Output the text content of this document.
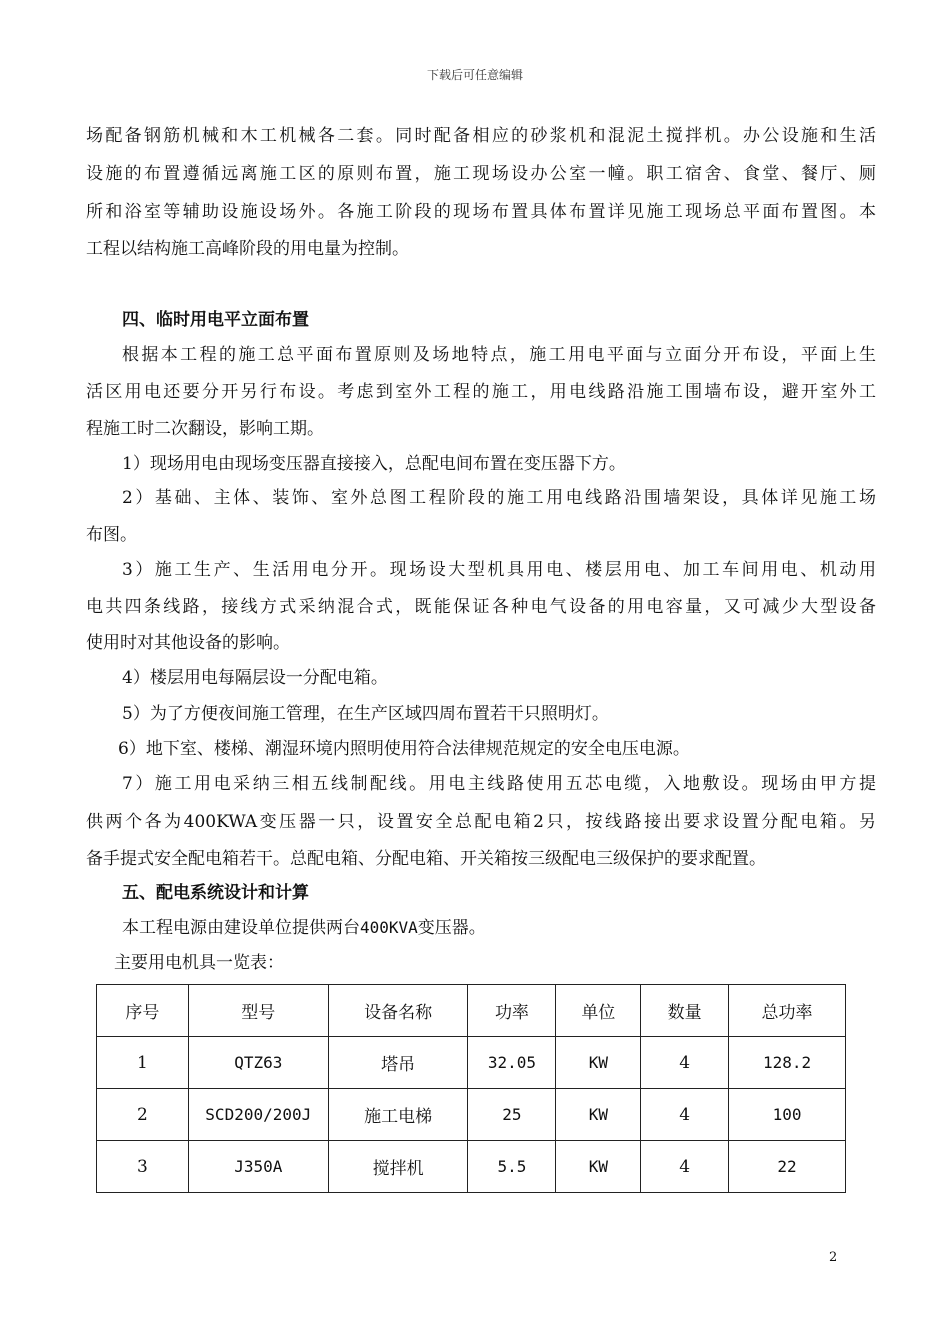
下载后可任意编辑
场配备钢筋机械和木工机械各二套。同时配备相应的砂浆机和混泥土搅拌机。办公设施和生活
设施的布置遵循远离施工区的原则布置，施工现场设办公室一幢。职工宿舍、食堂、餐厅、厕
所和浴室等辅助设施设场外。各施工阶段的现场布置具体布置详见施工现场总平面布置图。本
工程以结构施工高峰阶段的用电量为控制。
四、临时用电平立面布置
根据本工程的施工总平面布置原则及场地特点，施工用电平面与立面分开布设，平面上生
活区用电还要分开另行布设。考虑到室外工程的施工，用电线路沿施工围墙布设，避开室外工
程施工时二次翻设，影响工期。
1）现场用电由现场变压器直接接入，总配电间布置在变压器下方。
2）基础、主体、装饰、室外总图工程阶段的施工用电线路沿围墙架设，具体详见施工场
布图。
3）施工生产、生活用电分开。现场设大型机具用电、楼层用电、加工车间用电、机动用
电共四条线路，接线方式采纳混合式，既能保证各种电气设备的用电容量，又可减少大型设备
使用时对其他设备的影响。
4）楼层用电每隔层设一分配电箱。
5）为了方便夜间施工管理，在生产区域四周布置若干只照明灯。
6）地下室、楼梯、潮湿环境内照明使用符合法律规范规定的安全电压电源。
7）施工用电采纳三相五线制配线。用电主线路使用五芯电缆，入地敷设。现场由甲方提
供两个各为400KWA变压器一只，设置安全总配电箱2只，按线路接出要求设置分配电箱。另
备手提式安全配电箱若干。总配电箱、分配电箱、开关箱按三级配电三级保护的要求配置。
五、配电系统设计和计算
本工程电源由建设单位提供两台400KVA变压器。
主要用电机具一览表：
序号	型号	设备名称	功率	单位	数量	总功率
1	QTZ63	塔吊	32.05	KW	4	128.2
2	SCD200/200J	施工电梯	25	KW	4	100
3	J350A	搅拌机	5.5	KW	4	22
2
